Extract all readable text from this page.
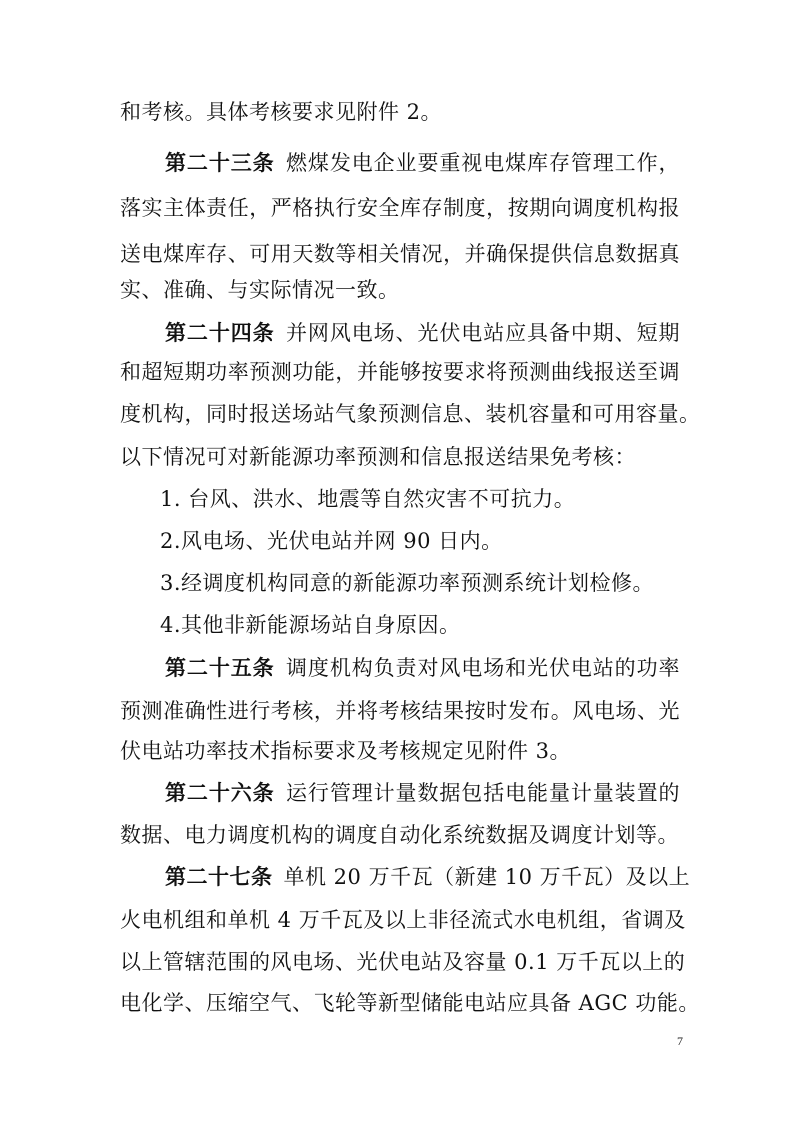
和考核。具体考核要求见附件 2。
第二十三条  燃煤发电企业要重视电煤库存管理工作，
落实主体责任，严格执行安全库存制度，按期向调度机构报
送电煤库存、可用天数等相关情况，并确保提供信息数据真
实、准确、与实际情况一致。
第二十四条  并网风电场、光伏电站应具备中期、短期
和超短期功率预测功能，并能够按要求将预测曲线报送至调
度机构，同时报送场站气象预测信息、装机容量和可用容量。
以下情况可对新能源功率预测和信息报送结果免考核：
1. 台风、洪水、地震等自然灾害不可抗力。
2.风电场、光伏电站并网 90 日内。
3.经调度机构同意的新能源功率预测系统计划检修。
4.其他非新能源场站自身原因。
第二十五条  调度机构负责对风电场和光伏电站的功率
预测准确性进行考核，并将考核结果按时发布。风电场、光
伏电站功率技术指标要求及考核规定见附件 3。
第二十六条  运行管理计量数据包括电能量计量装置的
数据、电力调度机构的调度自动化系统数据及调度计划等。
第二十七条  单机 20 万千瓦（新建 10 万千瓦）及以上
火电机组和单机 4 万千瓦及以上非径流式水电机组，省调及
以上管辖范围的风电场、光伏电站及容量 0.1 万千瓦以上的
电化学、压缩空气、飞轮等新型储能电站应具备 AGC 功能。
7
